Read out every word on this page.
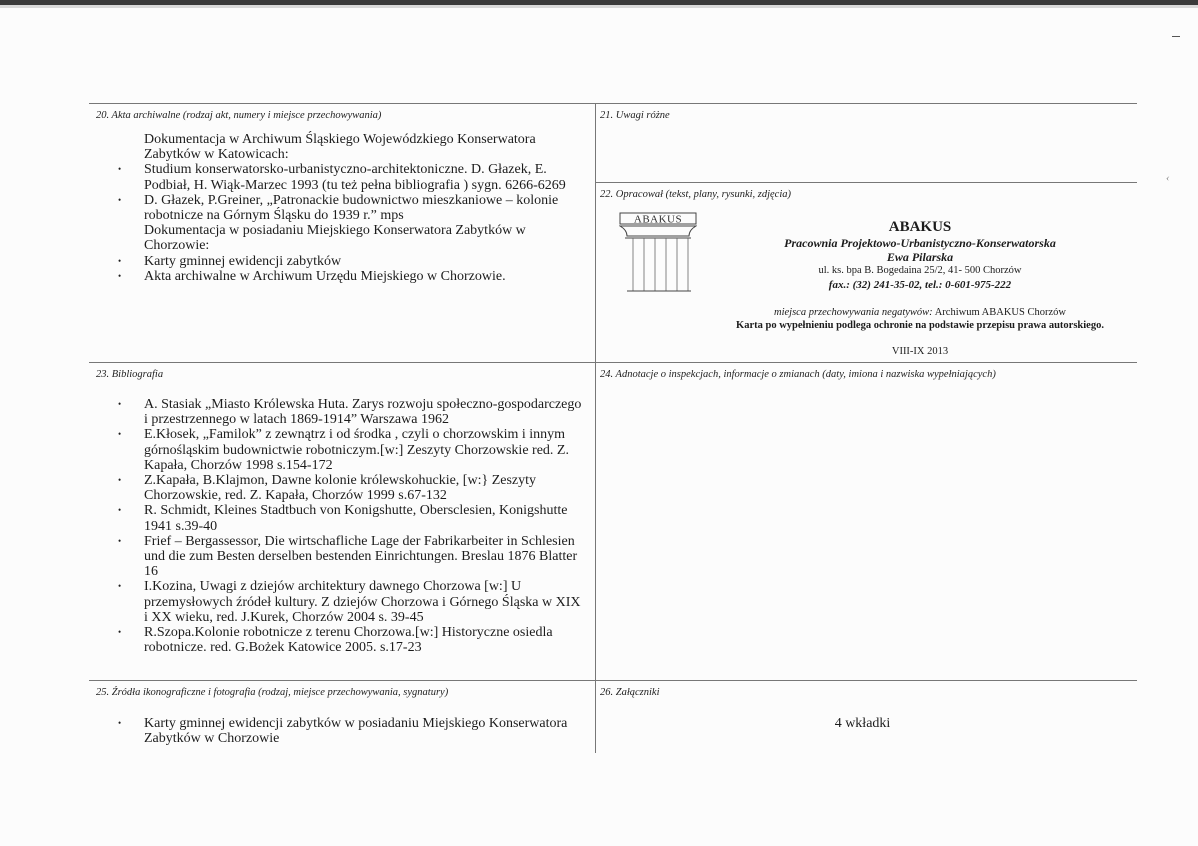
‹
20. Akta archiwalne (rodzaj akt, numery i miejsce przechowywania)
Dokumentacja w Archiwum Śląskiego Wojewódzkiego Konserwatora Zabytków w Katowicach:
• Studium konserwatorsko-urbanistyczno-architektoniczne. D. Głazek, E. Podbiał, H. Wiąk-Marzec 1993 (tu też pełna bibliografia ) sygn. 6266-6269
• D. Głazek, P.Greiner, „Patronackie budownictwo mieszkaniowe – kolonie robotnicze na Górnym Śląsku do 1939 r.” mps
Dokumentacja w posiadaniu Miejskiego Konserwatora Zabytków w Chorzowie:
• Karty gminnej ewidencji zabytków
• Akta archiwalne w Archiwum Urzędu Miejskiego w Chorzowie.
21. Uwagi różne
22. Opracował (tekst, plany, rysunki, zdjęcia)
ABAKUS	ABAKUS
Pracownia Projektowo-Urbanistyczno-Konserwatorska
Ewa Pilarska
ul. ks. bpa B. Bogedaina 25/2, 41- 500 Chorzów
fax.: (32) 241-35-02, tel.: 0-601-975-222
miejsca przechowywania negatywów: Archiwum ABAKUS Chorzów
Karta po wypełnieniu podlega ochronie na podstawie przepisu prawa autorskiego.
VIII-IX 2013
23. Bibliografia
• A. Stasiak „Miasto Królewska Huta. Zarys rozwoju społeczno-gospodarczego i przestrzennego w latach 1869-1914” Warszawa 1962
• E.Kłosek, „Familok” z zewnątrz i od środka , czyli o chorzowskim i innym górnośląskim budownictwie robotniczym.[w:] Zeszyty Chorzowskie red. Z. Kapała, Chorzów 1998 s.154-172
• Z.Kapała, B.Klajmon, Dawne kolonie królewskohuckie, [w:} Zeszyty Chorzowskie, red. Z. Kapała, Chorzów 1999 s.67-132
• R. Schmidt, Kleines Stadtbuch von Konigshutte, Obersclesien, Konigshutte 1941 s.39-40
• Frief – Bergassessor, Die wirtschafliche Lage der Fabrikarbeiter in Schlesien und die zum Besten derselben bestenden Einrichtungen. Breslau 1876 Blatter 16
• I.Kozina, Uwagi z dziejów architektury dawnego Chorzowa [w:] U przemysłowych źródeł kultury. Z dziejów Chorzowa i Górnego Śląska w XIX i XX wieku, red. J.Kurek, Chorzów 2004 s. 39-45
• R.Szopa.Kolonie robotnicze z terenu Chorzowa.[w:] Historyczne osiedla robotnicze. red. G.Bożek Katowice 2005. s.17-23
24. Adnotacje o inspekcjach, informacje o zmianach (daty, imiona i nazwiska wypełniających)
25. Źródła ikonograficzne i fotografia (rodzaj, miejsce przechowywania, sygnatury)
• Karty gminnej ewidencji zabytków w posiadaniu Miejskiego Konserwatora Zabytków w Chorzowie
26. Załączniki
4 wkładki
